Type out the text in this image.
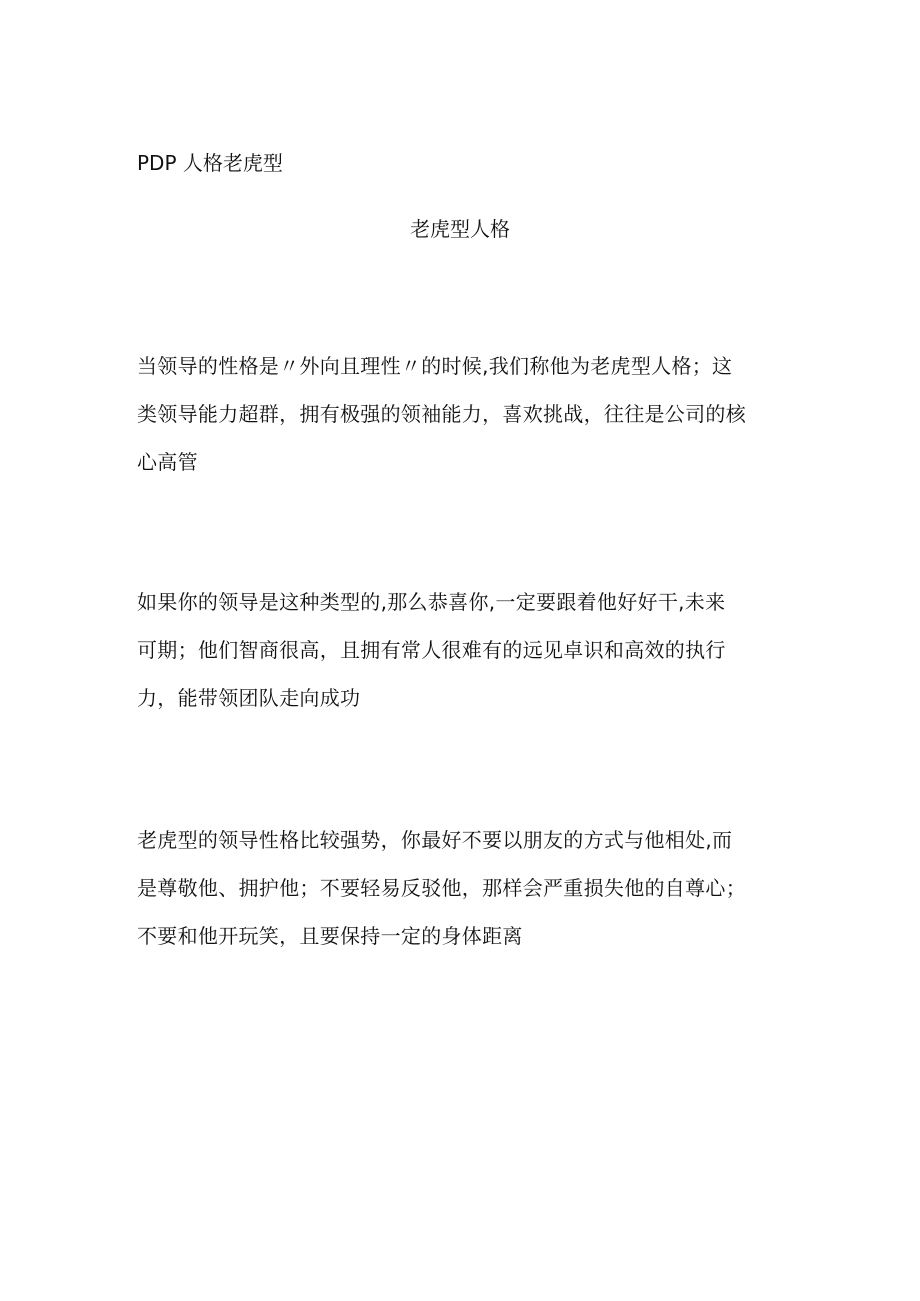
PDP 人格老虎型
老虎型人格

当领导的性格是〃外向且理性〃的时候,我们称他为老虎型人格；这
类领导能力超群，拥有极强的领袖能力，喜欢挑战，往往是公司的核
心高管

如果你的领导是这种类型的,那么恭喜你,一定要跟着他好好干,未来
可期；他们智商很高，且拥有常人很难有的远见卓识和高效的执行
力，能带领团队走向成功

老虎型的领导性格比较强势，你最好不要以朋友的方式与他相处,而
是尊敬他、拥护他；不要轻易反驳他，那样会严重损失他的自尊心；
不要和他开玩笑，且要保持一定的身体距离
